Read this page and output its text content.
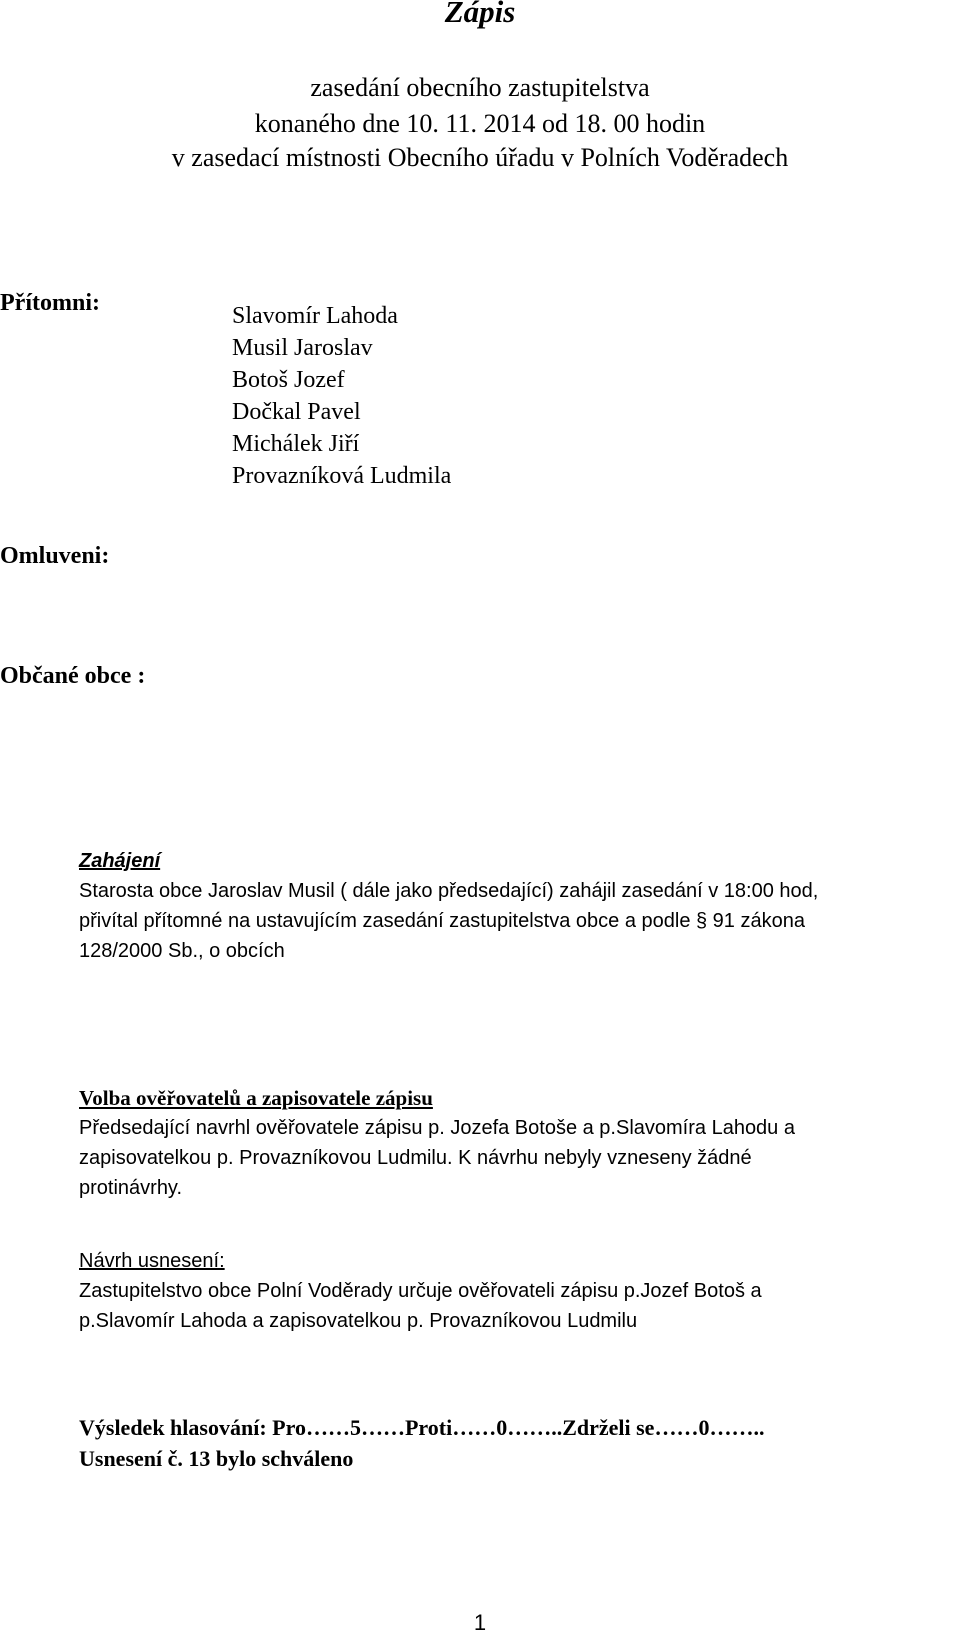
Zápis
zasedání obecního zastupitelstva
konaného dne 10. 11. 2014 od 18. 00 hodin
v zasedací místnosti Obecního úřadu v Polních Voděradech
Přítomni:	Slavomír Lahoda
Musil Jaroslav
Botoš Jozef
Dočkal Pavel
Michálek Jiří
Provazníková Ludmila
Omluveni:
Občané obce :
Zahájení
Starosta obce Jaroslav Musil ( dále jako předsedající) zahájil zasedání v 18:00 hod,
přivítal přítomné na ustavujícím zasedání zastupitelstva obce a podle § 91 zákona
128/2000 Sb., o obcích
Volba ověřovatelů a zapisovatele zápisu
Předsedající navrhl ověřovatele zápisu p. Jozefa Botoše a p.Slavomíra Lahodu a
zapisovatelkou p. Provazníkovou Ludmilu. K návrhu nebyly vzneseny žádné
protinávrhy.
Návrh usnesení:
Zastupitelstvo obce Polní Voděrady určuje ověřovateli zápisu p.Jozef Botoš a
p.Slavomír Lahoda a zapisovatelkou p. Provazníkovou Ludmilu
Výsledek hlasování: Pro……5……Proti……0……..Zdrželi se……0……..
Usnesení č. 13 bylo schváleno
1
